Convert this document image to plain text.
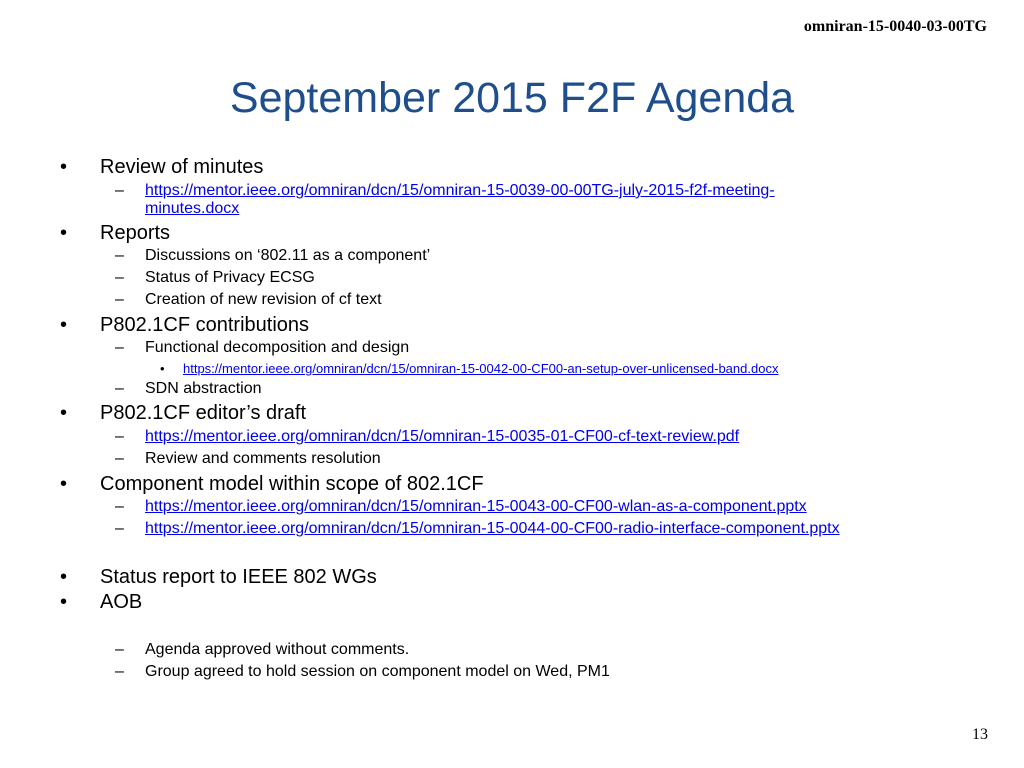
omniran-15-0040-03-00TG
September 2015 F2F Agenda
• Review of minutes
– https://mentor.ieee.org/omniran/dcn/15/omniran-15-0039-00-00TG-july-2015-f2f-meeting-
minutes.docx
• Reports
– Discussions on ‘802.11 as a component’
– Status of Privacy ECSG
– Creation of new revision of cf text
• P802.1CF contributions
– Functional decomposition and design
• https://mentor.ieee.org/omniran/dcn/15/omniran-15-0042-00-CF00-an-setup-over-unlicensed-band.docx
– SDN abstraction
• P802.1CF editor’s draft
– https://mentor.ieee.org/omniran/dcn/15/omniran-15-0035-01-CF00-cf-text-review.pdf
– Review and comments resolution
• Component model within scope of 802.1CF
– https://mentor.ieee.org/omniran/dcn/15/omniran-15-0043-00-CF00-wlan-as-a-component.pptx
– https://mentor.ieee.org/omniran/dcn/15/omniran-15-0044-00-CF00-radio-interface-component.pptx
• Status report to IEEE 802 WGs
• AOB
– Agenda approved without comments.
– Group agreed to hold session on component model on Wed, PM1
13
